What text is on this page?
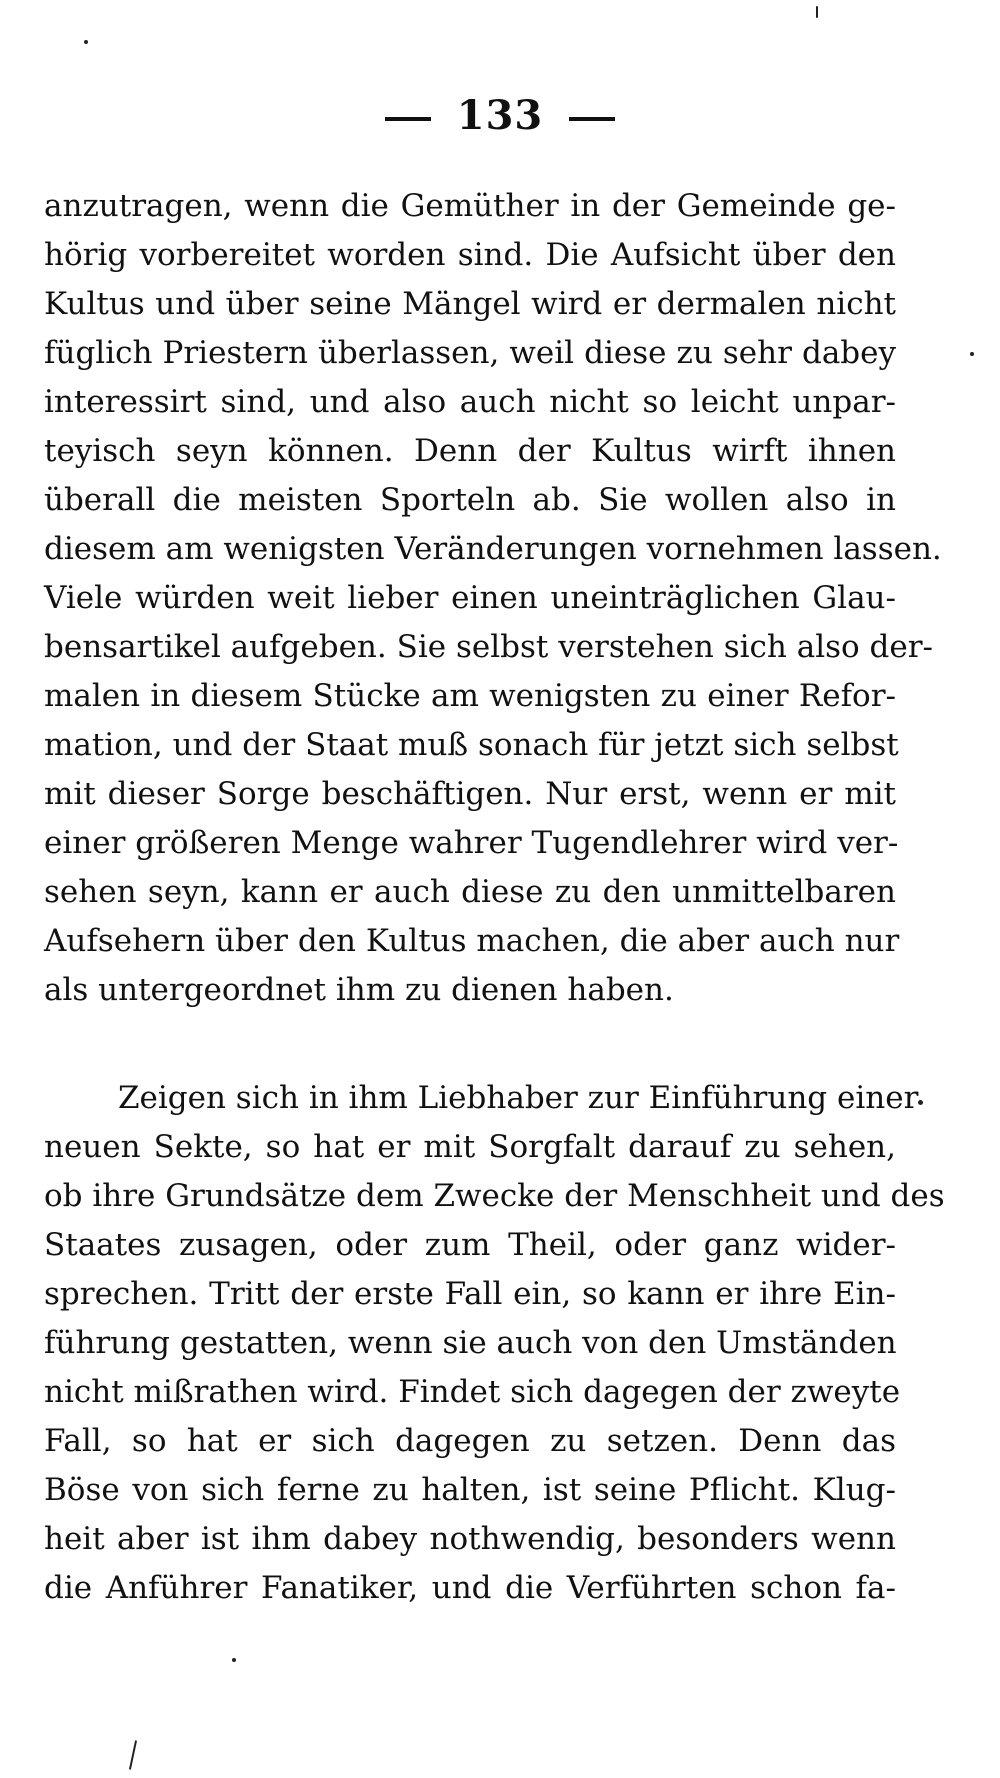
133
anzutragen, wenn die Gemüther in der Gemeinde ge-
hörig vorbereitet worden sind. Die Aufsicht über den
Kultus und über seine Mängel wird er dermalen nicht
füglich Priestern überlassen, weil diese zu sehr dabey
interessirt sind, und also auch nicht so leicht unpar-
teyisch seyn können. Denn der Kultus wirft ihnen
überall die meisten Sporteln ab. Sie wollen also in
diesem am wenigsten Veränderungen vornehmen lassen.
Viele würden weit lieber einen uneinträglichen Glau-
bensartikel aufgeben. Sie selbst verstehen sich also der-
malen in diesem Stücke am wenigsten zu einer Refor-
mation, und der Staat muß sonach für jetzt sich selbst
mit dieser Sorge beschäftigen. Nur erst, wenn er mit
einer größeren Menge wahrer Tugendlehrer wird ver-
sehen seyn, kann er auch diese zu den unmittelbaren
Aufsehern über den Kultus machen, die aber auch nur
als untergeordnet ihm zu dienen haben.
Zeigen sich in ihm Liebhaber zur Einführung einer
neuen Sekte, so hat er mit Sorgfalt darauf zu sehen,
ob ihre Grundsätze dem Zwecke der Menschheit und des
Staates zusagen, oder zum Theil, oder ganz wider-
sprechen. Tritt der erste Fall ein, so kann er ihre Ein-
führung gestatten, wenn sie auch von den Umständen
nicht mißrathen wird. Findet sich dagegen der zweyte
Fall, so hat er sich dagegen zu setzen. Denn das
Böse von sich ferne zu halten, ist seine Pflicht. Klug-
heit aber ist ihm dabey nothwendig, besonders wenn
die Anführer Fanatiker, und die Verführten schon fa-
